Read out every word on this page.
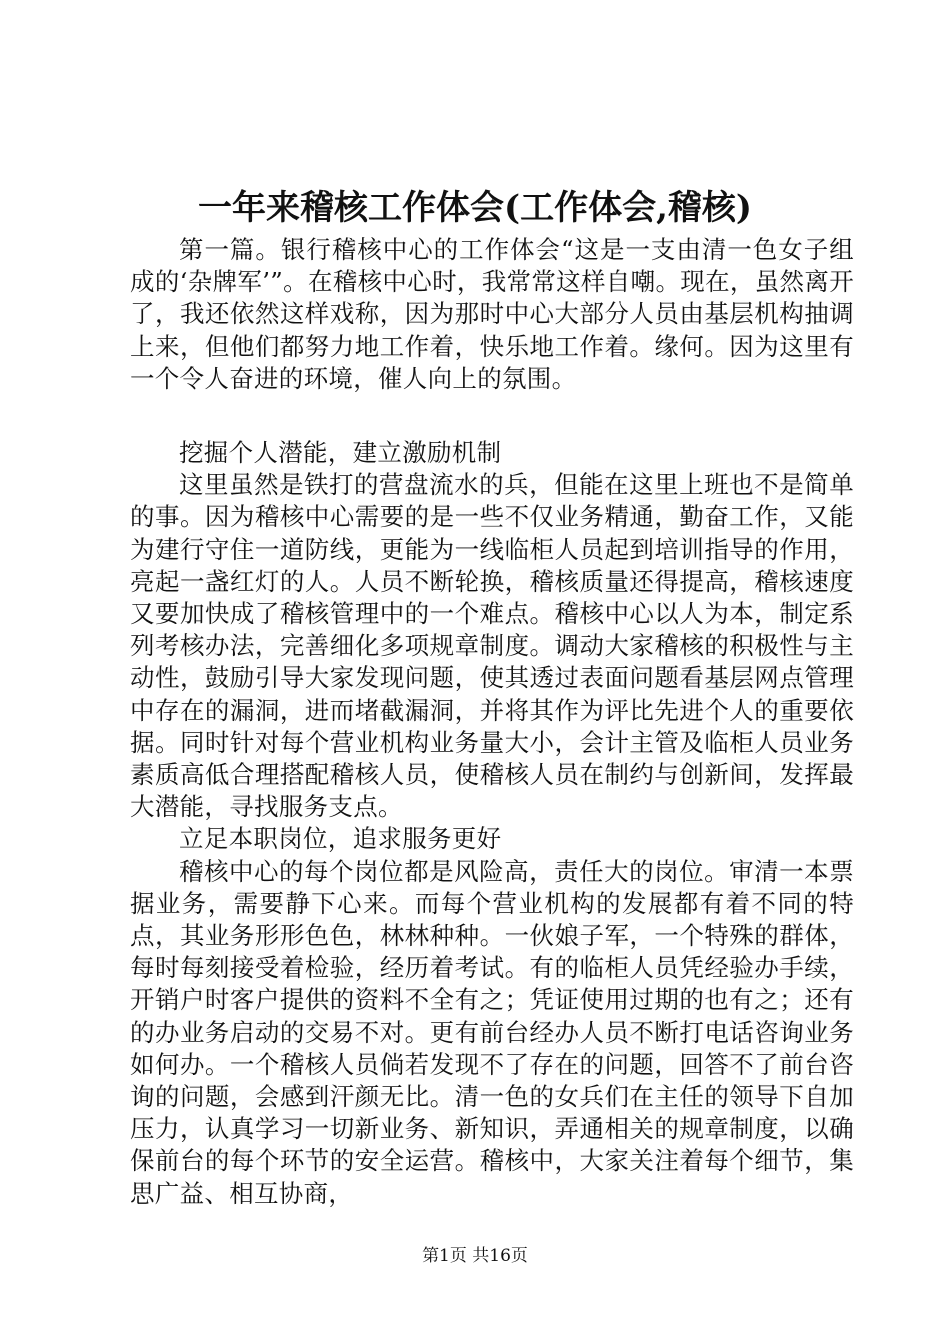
一年来稽核工作体会(工作体会,稽核)

第一篇。银行稽核中心的工作体会“这是一支由清一色女子组成的‘杂牌军’”。在稽核中心时，我常常这样自嘲。现在，虽然离开了，我还依然这样戏称，因为那时中心大部分人员由基层机构抽调上来，但他们都努力地工作着，快乐地工作着。缘何。因为这里有一个令人奋进的环境，催人向上的氛围。

挖掘个人潜能，建立激励机制

这里虽然是铁打的营盘流水的兵，但能在这里上班也不是简单的事。因为稽核中心需要的是一些不仅业务精通，勤奋工作，又能为建行守住一道防线，更能为一线临柜人员起到培训指导的作用，亮起一盏红灯的人。人员不断轮换，稽核质量还得提高，稽核速度又要加快成了稽核管理中的一个难点。稽核中心以人为本，制定系列考核办法，完善细化多项规章制度。调动大家稽核的积极性与主动性，鼓励引导大家发现问题，使其透过表面问题看基层网点管理中存在的漏洞，进而堵截漏洞，并将其作为评比先进个人的重要依据。同时针对每个营业机构业务量大小，会计主管及临柜人员业务素质高低合理搭配稽核人员，使稽核人员在制约与创新间，发挥最大潜能，寻找服务支点。

立足本职岗位，追求服务更好

稽核中心的每个岗位都是风险高，责任大的岗位。审清一本票据业务，需要静下心来。而每个营业机构的发展都有着不同的特点，其业务形形色色，林林种种。一伙娘子军，一个特殊的群体，每时每刻接受着检验，经历着考试。有的临柜人员凭经验办手续，开销户时客户提供的资料不全有之；凭证使用过期的也有之；还有的办业务启动的交易不对。更有前台经办人员不断打电话咨询业务如何办。一个稽核人员倘若发现不了存在的问题，回答不了前台咨询的问题，会感到汗颜无比。清一色的女兵们在主任的领导下自加压力，认真学习一切新业务、新知识，弄通相关的规章制度，以确保前台的每个环节的安全运营。稽核中，大家关注着每个细节，集思广益、相互协商，

第1页 共16页
